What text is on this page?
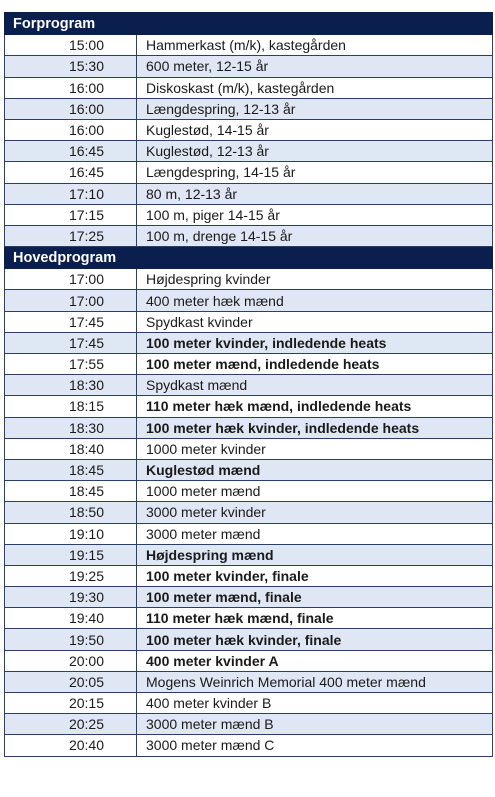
Forprogram	
15:00	Hammerkast (m/k), kastegården
15:30	600 meter, 12-15 år
16:00	Diskoskast (m/k), kastegården
16:00	Længdespring, 12-13 år
16:00	Kuglestød, 14-15 år
16:45	Kuglestød, 12-13 år
16:45	Længdespring, 14-15 år
17:10	80 m, 12-13 år
17:15	100 m, piger 14-15 år
17:25	100 m, drenge 14-15 år
Hovedprogram	
17:00	Højdespring kvinder
17:00	400 meter hæk mænd
17:45	Spydkast kvinder
17:45	100 meter kvinder, indledende heats
17:55	100 meter mænd, indledende heats
18:30	Spydkast mænd
18:15	110 meter hæk mænd, indledende heats
18:30	100 meter hæk kvinder, indledende heats
18:40	1000 meter kvinder
18:45	Kuglestød mænd
18:45	1000 meter mænd
18:50	3000 meter kvinder
19:10	3000 meter mænd
19:15	Højdespring mænd
19:25	100 meter kvinder, finale
19:30	100 meter mænd, finale
19:40	110 meter hæk mænd, finale
19:50	100 meter hæk kvinder, finale
20:00	400 meter kvinder A
20:05	Mogens Weinrich Memorial 400 meter mænd
20:15	400 meter kvinder B
20:25	3000 meter mænd B
20:40	3000 meter mænd C
